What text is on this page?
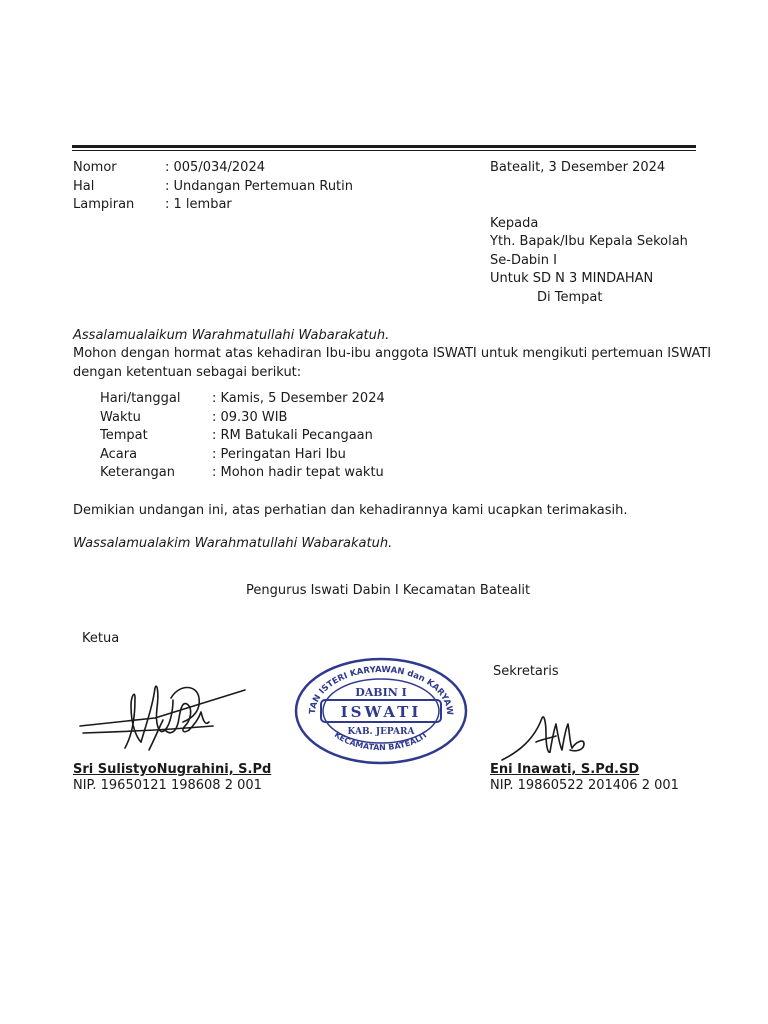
Nomor	: 005/034/2024
Hal	: Undangan Pertemuan Rutin
Lampiran : 1 lembar
Batealit, 3 Desember 2024
Kepada
Yth. Bapak/Ibu Kepala Sekolah
Se-Dabin I
Untuk SD N 3 MINDAHAN
Di Tempat
Assalamualaikum Warahmatullahi Wabarakatuh.
Mohon dengan hormat atas kehadiran Ibu-ibu anggota ISWATI untuk mengikuti pertemuan ISWATI
dengan ketentuan sebagai berikut:
Hari/tanggal : Kamis, 5 Desember 2024
Waktu	: 09.30 WIB
Tempat	: RM Batukali Pecangaan
Acara	: Peringatan Hari Ibu
Keterangan	: Mohon hadir tepat waktu
Demikian undangan ini, atas perhatian dan kehadirannya kami ucapkan terimakasih.
Wassalamualakim Warahmatullahi Wabarakatuh.
Pengurus Iswati Dabin I Kecamatan Batealit
Ketua
Sekretaris
IKATAN ISTERI KARYAWAN dan KARYAWATI
KECAMATAN BATEALIT
DABIN I
ISWATI
KAB. JEPARA
Sri SulistyoNugrahini, S.Pd
NIP. 19650121 198608 2 001
Eni Inawati, S.Pd.SD
NIP. 19860522 201406 2 001
